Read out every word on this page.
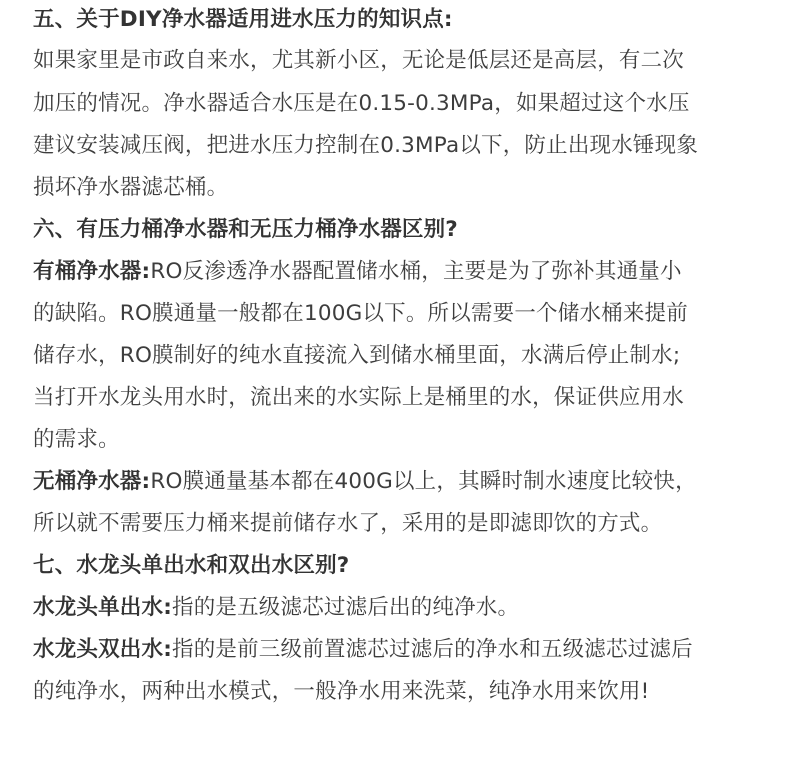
五、关于DIY净水器适用进水压力的知识点:
如果家里是市政自来水，尤其新小区，无论是低层还是高层，有二次
加压的情况。净水器适合水压是在0.15-0.3MPa，如果超过这个水压
建议安装减压阀，把进水压力控制在0.3MPa以下，防止出现水锤现象
损坏净水器滤芯桶。
六、有压力桶净水器和无压力桶净水器区别?
有桶净水器:RO反渗透净水器配置储水桶，主要是为了弥补其通量小
的缺陷。RO膜通量一般都在100G以下。所以需要一个储水桶来提前
储存水，RO膜制好的纯水直接流入到储水桶里面，水满后停止制水;
当打开水龙头用水时，流出来的水实际上是桶里的水，保证供应用水
的需求。
无桶净水器:RO膜通量基本都在400G以上，其瞬时制水速度比较快，
所以就不需要压力桶来提前储存水了，采用的是即滤即饮的方式。
七、水龙头单出水和双出水区别?
水龙头单出水:指的是五级滤芯过滤后出的纯净水。
水龙头双出水:指的是前三级前置滤芯过滤后的净水和五级滤芯过滤后
的纯净水，两种出水模式，一般净水用来洗菜，纯净水用来饮用!
